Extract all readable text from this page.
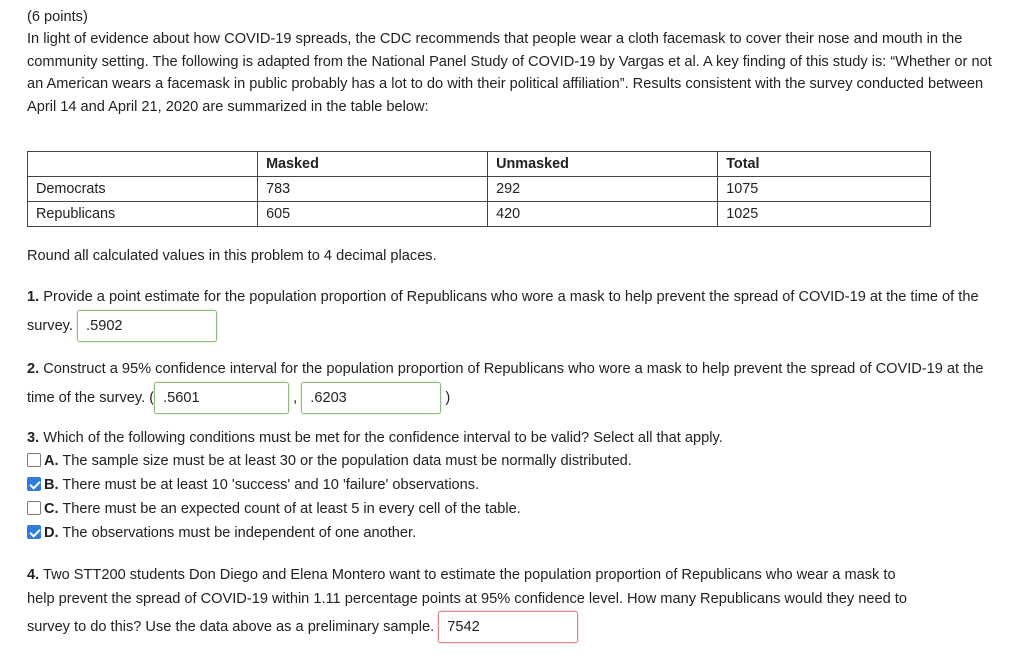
(6 points)
In light of evidence about how COVID-19 spreads, the CDC recommends that people wear a cloth facemask to cover their nose and mouth in the community setting. The following is adapted from the National Panel Study of COVID-19 by Vargas et al. A key finding of this study is: “Whether or not an American wears a facemask in public probably has a lot to do with their political affiliation”. Results consistent with the survey conducted between April 14 and April 21, 2020 are summarized in the table below:
	Masked	Unmasked	Total
Democrats	783	292	1075
Republicans	605	420	1025
Round all calculated values in this problem to 4 decimal places.
1. Provide a point estimate for the population proportion of Republicans who wore a mask to help prevent the spread of COVID-19 at the time of the survey. .5902
2. Construct a 95% confidence interval for the population proportion of Republicans who wore a mask to help prevent the spread of COVID-19 at the time of the survey. ( .5601	, .6203	)
3. Which of the following conditions must be met for the confidence interval to be valid? Select all that apply.
A. The sample size must be at least 30 or the population data must be normally distributed.
B. There must be at least 10 'success' and 10 'failure' observations.
C. There must be an expected count of at least 5 in every cell of the table.
D. The observations must be independent of one another.
4. Two STT200 students Don Diego and Elena Montero want to estimate the population proportion of Republicans who wear a mask to help prevent the spread of COVID-19 within 1.11 percentage points at 95% confidence level. How many Republicans would they need to survey to do this? Use the data above as a preliminary sample. 7542
